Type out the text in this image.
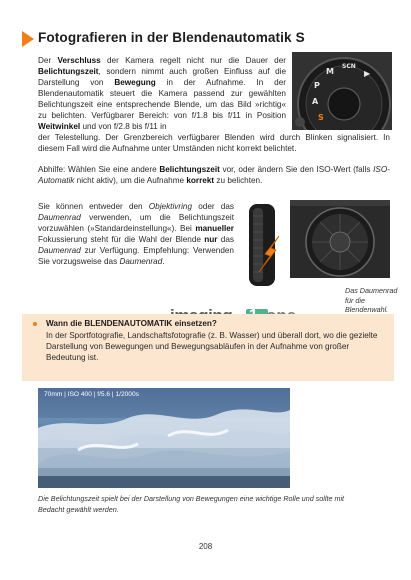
Fotografieren in der Blendenautomatik S
Der Verschluss der Kamera regelt nicht nur die Dauer der Belichtungszeit, sondern nimmt auch großen Einfluss auf die Darstellung von Bewegung in der Aufnahme. In der Blendenautomatik steuert die Kamera passend zur gewählten Belichtungszeit eine entsprechende Blende, um das Bild »richtig« zu belichten. Verfügbarer Bereich: von f/1.8 bis f/11 in Position Weitwinkel und von f/2.8 bis f/11 in
der Telestellung. Der Grenzbereich verfügbarer Blenden wird durch Blinken signalisiert. In diesem Fall wird die Aufnahme unter Umständen nicht korrekt belichtet.
Abhilfe: Wählen Sie eine andere Belichtungszeit vor, oder ändern Sie den ISO-Wert (falls ISO-Automatik nicht aktiv), um die Aufnahme korrekt zu belichten.
Sie können entweder den Objektivring oder das Daumenrad verwenden, um die Belichtungszeit vorzuwählen (»Standardeinstellung«). Bei manueller Fokussierung steht für die Wahl der Blende nur das Daumenrad zur Verfügung. Empfehlung: Verwenden Sie vorzugsweise das Daumenrad.
P
M
A
S
SCN
▶
Das Daumenrad für die Blendenwahl.
Wann die BLENDENAUTOMATIK einsetzen?
In der Sportfotografie, Landschaftsfotografie (z. B. Wasser) und überall dort, wo die gezielte Darstellung von Bewegungen und Bewegungsabläufen in der Aufnahme von großer Bedeutung ist.
70mm | ISO 400 | f/5.6 | 1/2000s
Die Belichtungszeit spielt bei der Darstellung von Bewegungen eine wichtige Rolle und sollte mit Bedacht gewählt werden.
208
